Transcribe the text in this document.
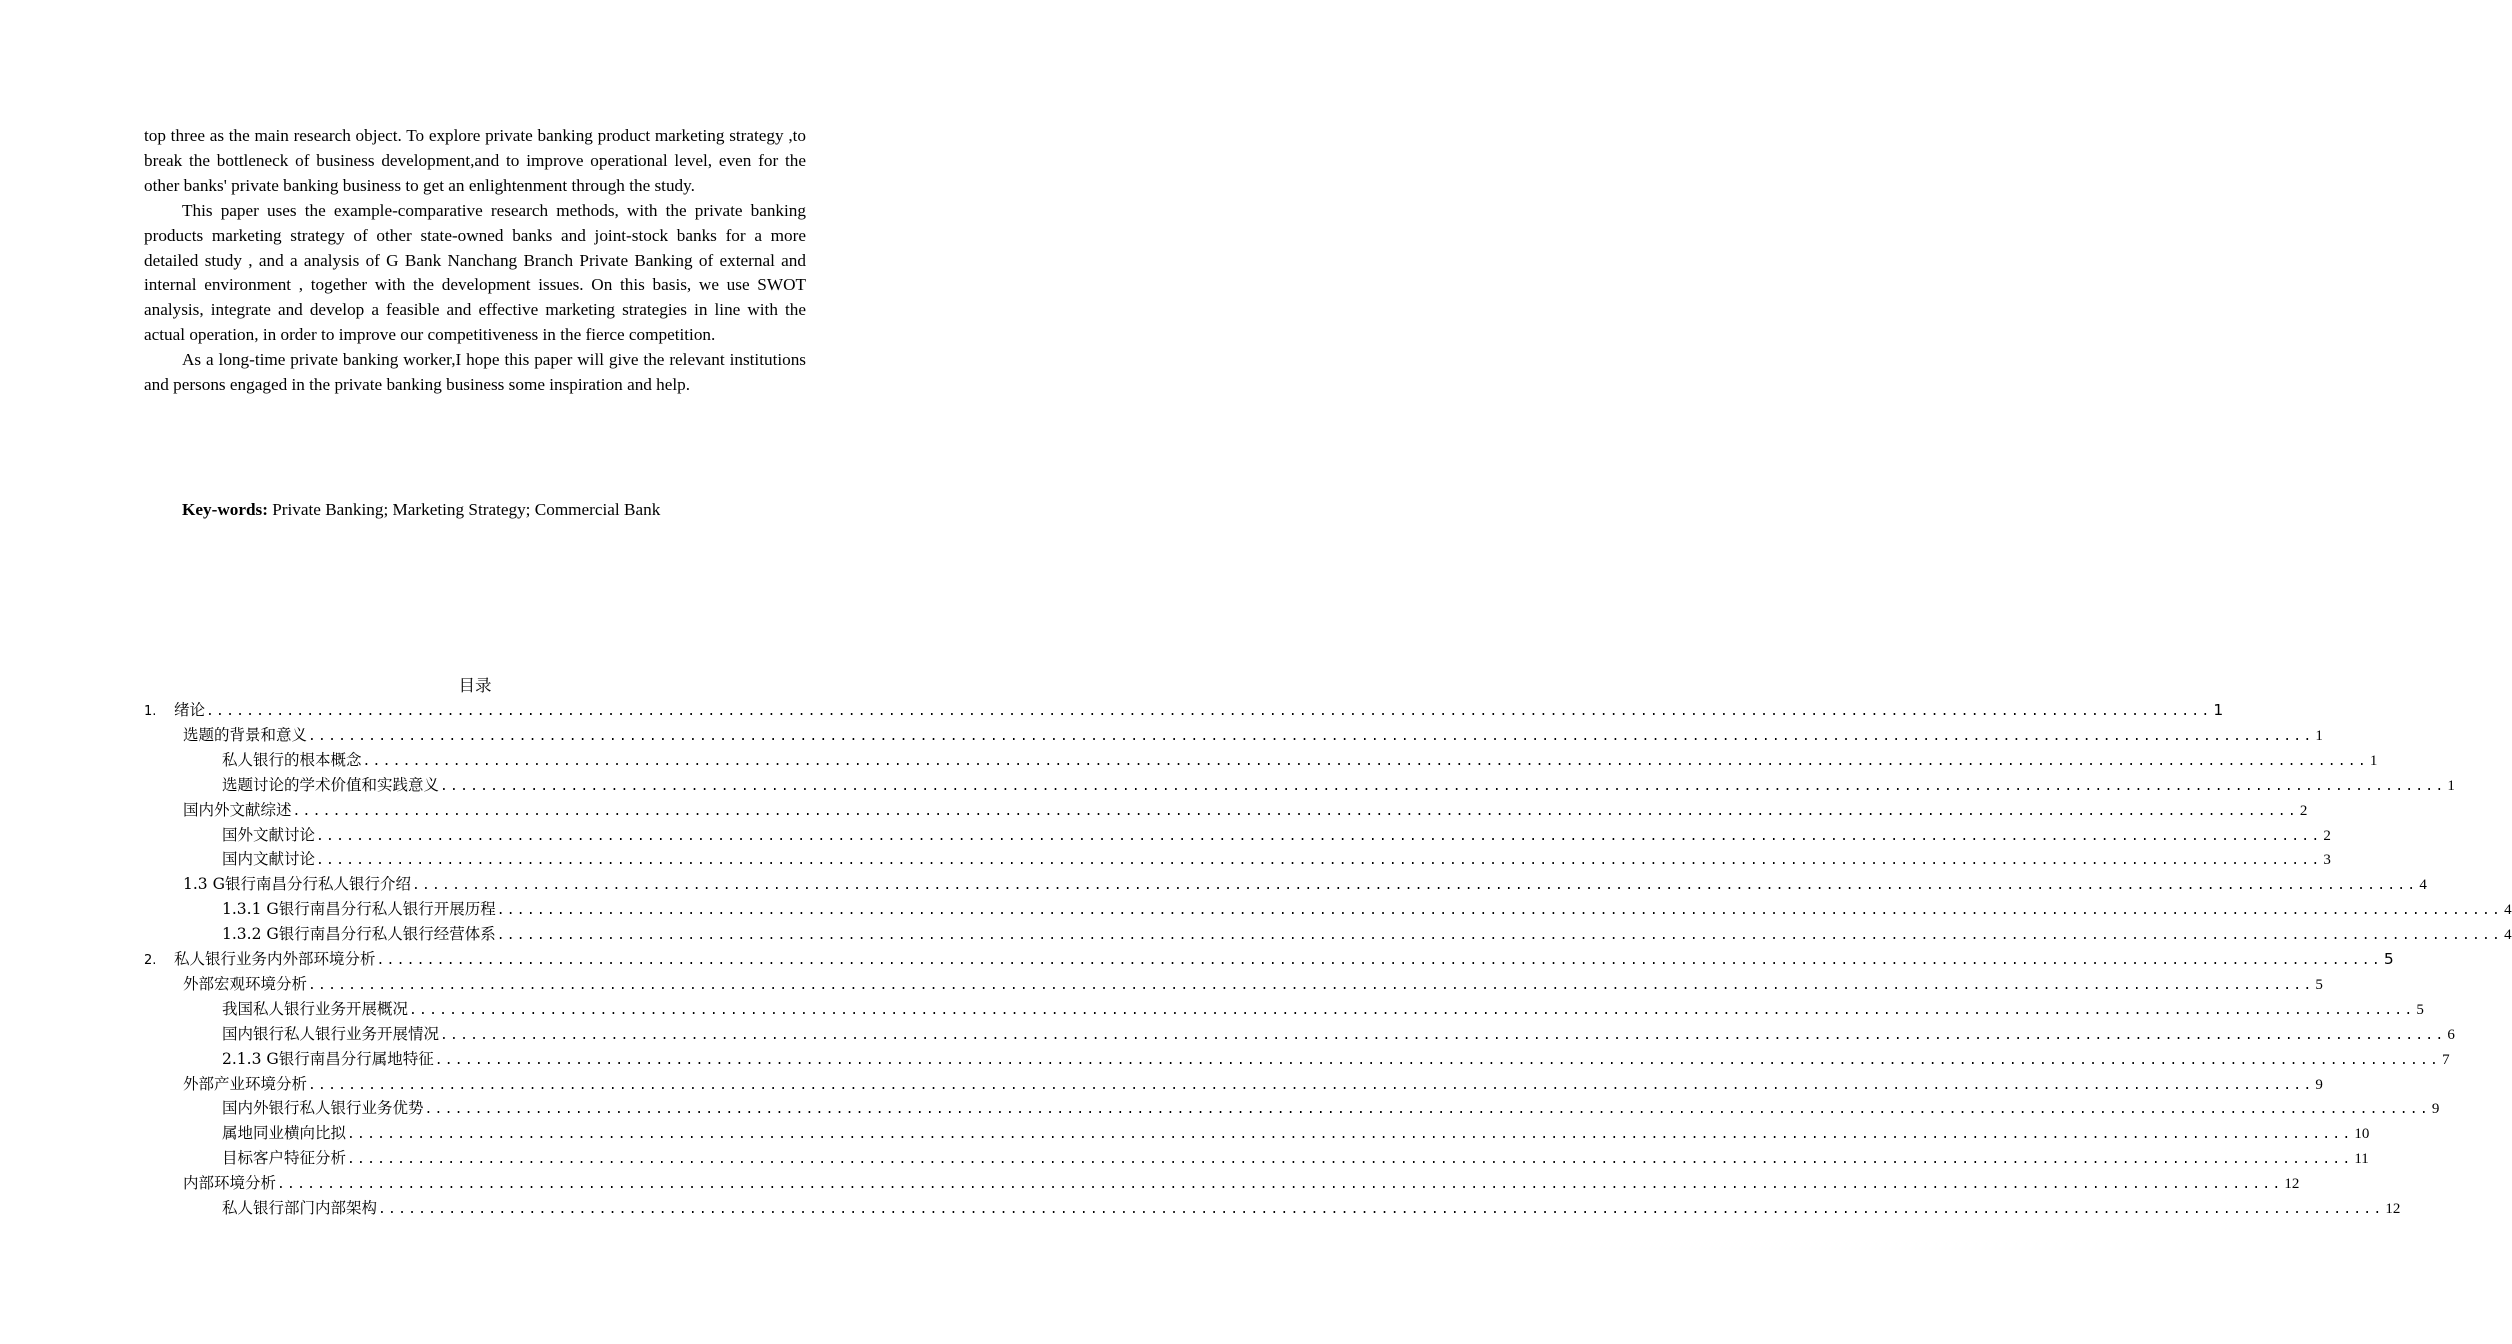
top three as the main research object. To explore private banking product marketing strategy ,to break the bottleneck of business development,and to improve operational level, even for the other banks' private banking business to get an enlightenment through the study.

This paper uses the example-comparative research methods, with the private banking products marketing strategy of other state-owned banks and joint-stock banks for a more detailed study , and a analysis of G Bank Nanchang Branch Private Banking of external and internal environment , together with the development issues. On this basis, we use SWOT analysis, integrate and develop a feasible and effective marketing strategies in line with the actual operation, in order to improve our competitiveness in the fierce competition.

As a long-time private banking worker,I hope this paper will give the relevant institutions and persons engaged in the private banking business some inspiration and help.

Key-words: Private Banking; Marketing Strategy; Commercial Bank
目录
1. 绪论 ........................................................................................................................................................................................................ 1
选题的背景和意义 ........................................................................................................................................................................................................ 1
私人银行的根本概念 ........................................................................................................................................................................................................ 1
选题讨论的学术价值和实践意义 ........................................................................................................................................................................................................ 1
国内外文献综述 ........................................................................................................................................................................................................ 2
国外文献讨论 ........................................................................................................................................................................................................ 2
国内文献讨论 ........................................................................................................................................................................................................ 3
1.3 G银行南昌分行私人银行介绍 ........................................................................................................................................................................................................ 4
1.3.1 G银行南昌分行私人银行开展历程 ........................................................................................................................................................................................................ 4
1.3.2 G银行南昌分行私人银行经营体系 ........................................................................................................................................................................................................ 4
2. 私人银行业务内外部环境分析 ........................................................................................................................................................................................................ 5
外部宏观环境分析 ........................................................................................................................................................................................................ 5
我国私人银行业务开展概况 ........................................................................................................................................................................................................ 5
国内银行私人银行业务开展情况 ........................................................................................................................................................................................................ 6
2.1.3 G银行南昌分行属地特征 ........................................................................................................................................................................................................ 7
外部产业环境分析 ........................................................................................................................................................................................................ 9
国内外银行私人银行业务优势 ........................................................................................................................................................................................................ 9
属地同业横向比拟 ........................................................................................................................................................................................................ 10
目标客户特征分析 ........................................................................................................................................................................................................ 11
内部环境分析 ........................................................................................................................................................................................................ 12
私人银行部门内部架构 ........................................................................................................................................................................................................ 12
